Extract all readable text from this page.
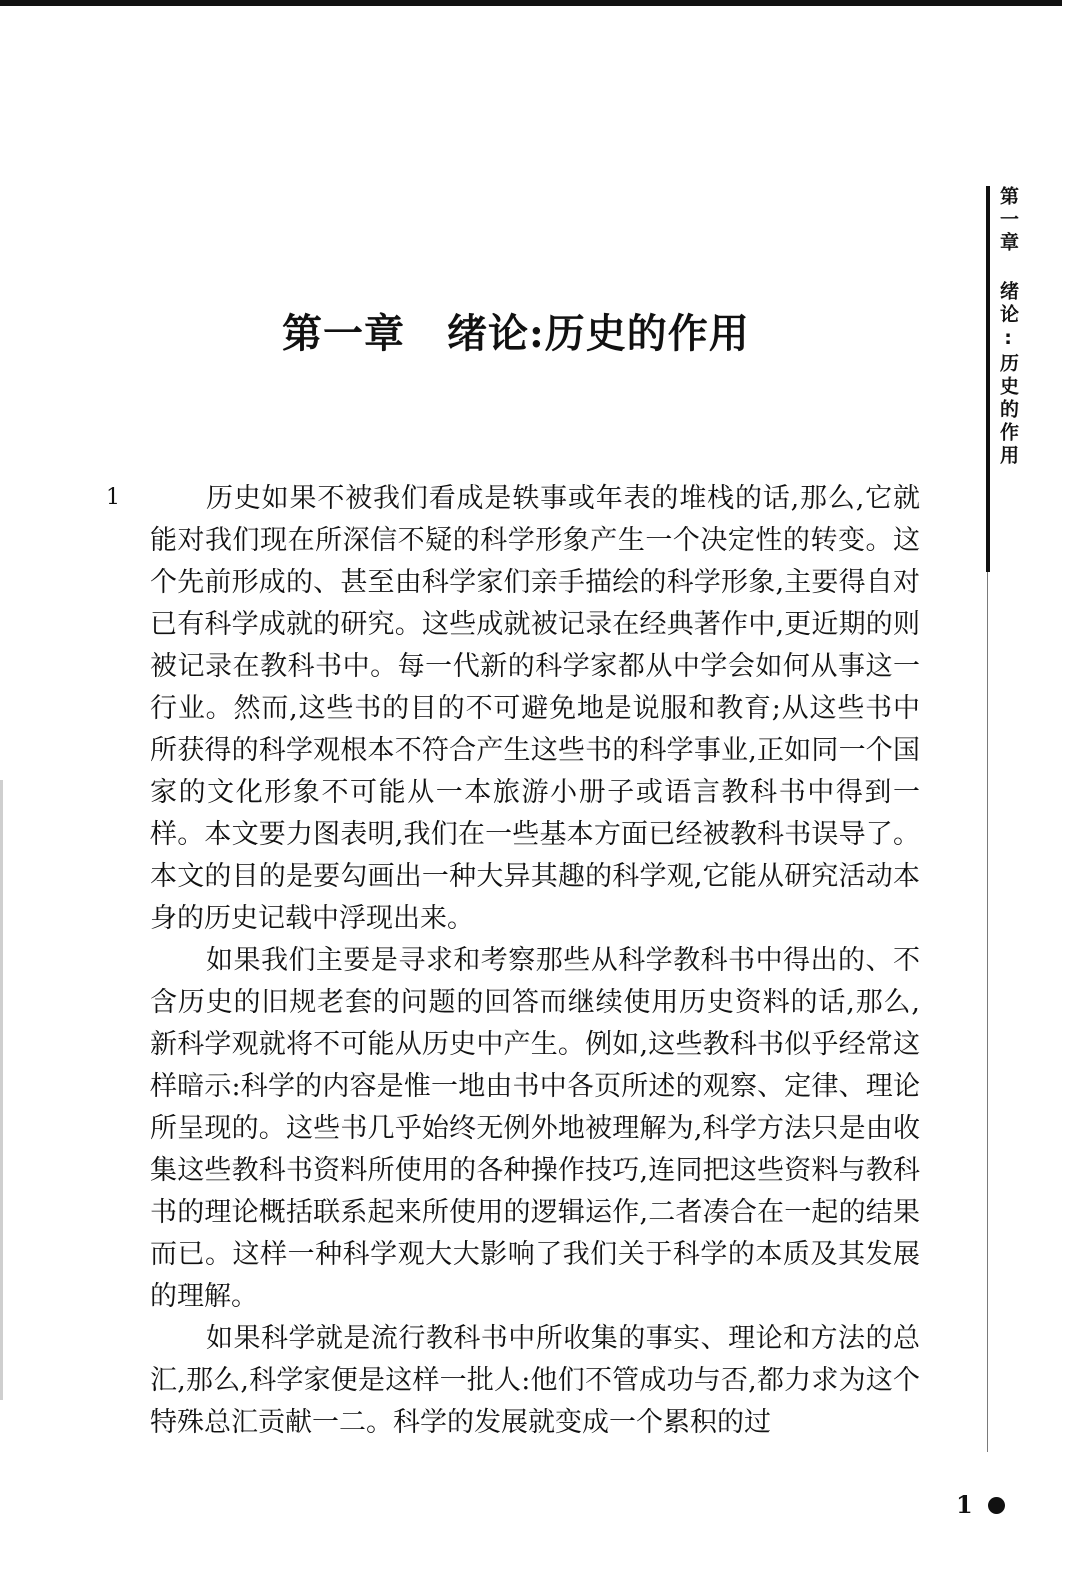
第一章 绪论:历史的作用
1	历史如果不被我们看成是轶事或年表的堆栈的话,那么,它就能对我们现在所深信不疑的科学形象产生一个决定性的转变。这个先前形成的、甚至由科学家们亲手描绘的科学形象,主要得自对已有科学成就的研究。这些成就被记录在经典著作中,更近期的则被记录在教科书中。每一代新的科学家都从中学会如何从事这一行业。然而,这些书的目的不可避免地是说服和教育;从这些书中所获得的科学观根本不符合产生这些书的科学事业,正如同一个国家的文化形象不可能从一本旅游小册子或语言教科书中得到一样。本文要力图表明,我们在一些基本方面已经被教科书误导了。本文的目的是要勾画出一种大异其趣的科学观,它能从研究活动本身的历史记载中浮现出来。

如果我们主要是寻求和考察那些从科学教科书中得出的、不含历史的旧规老套的问题的回答而继续使用历史资料的话,那么,新科学观就将不可能从历史中产生。例如,这些教科书似乎经常这样暗示:科学的内容是惟一地由书中各页所述的观察、定律、理论所呈现的。这些书几乎始终无例外地被理解为,科学方法只是由收集这些教科书资料所使用的各种操作技巧,连同把这些资料与教科书的理论概括联系起来所使用的逻辑运作,二者凑合在一起的结果而已。这样一种科学观大大影响了我们关于科学的本质及其发展的理解。

如果科学就是流行教科书中所收集的事实、理论和方法的总汇,那么,科学家便是这样一批人:他们不管成功与否,都力求为这个特殊总汇贡献一二。科学的发展就变成一个累积的过

第一章 绪论:历史的作用
1
